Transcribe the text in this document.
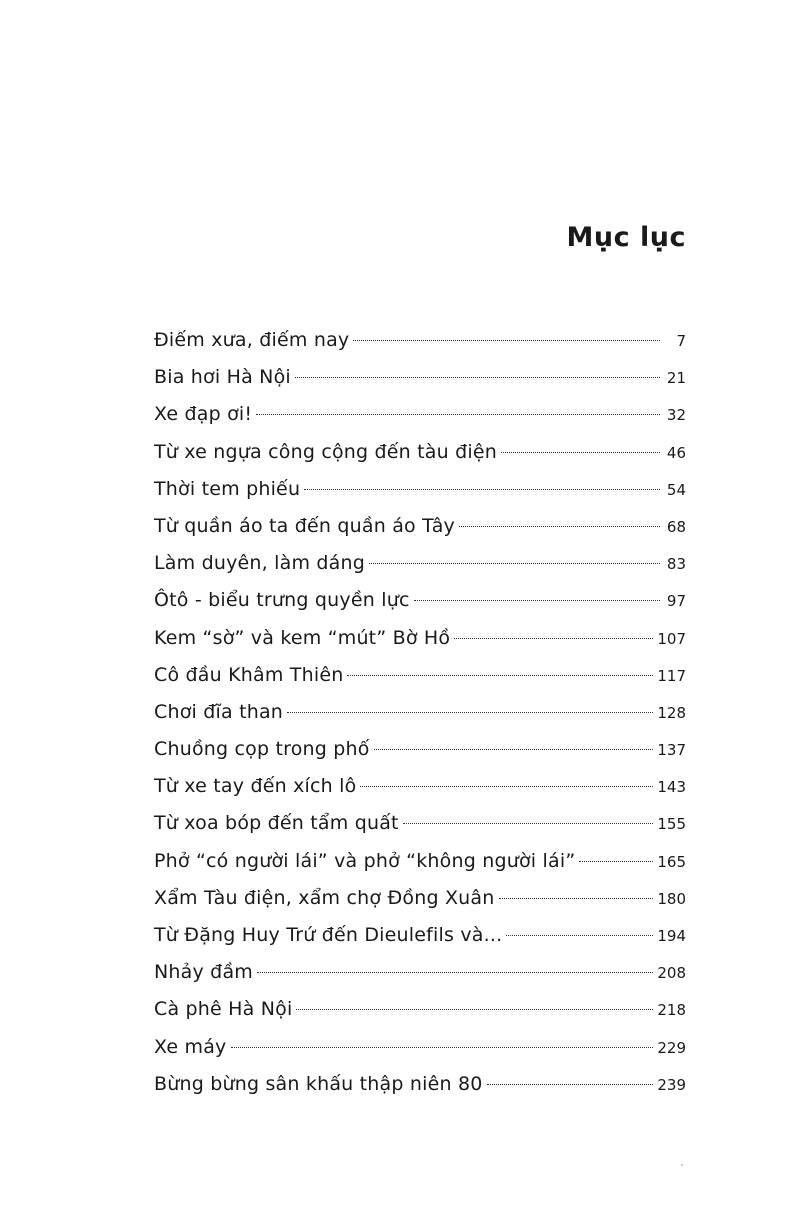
Mục lục
Điếm xưa, điếm nay	7
Bia hơi Hà Nội	21
Xe đạp ơi!	32
Từ xe ngựa công cộng đến tàu điện	46
Thời tem phiếu	54
Từ quần áo ta đến quần áo Tây	68
Làm duyên, làm dáng	83
Ôtô - biểu trưng quyền lực	97
Kem “sờ” và kem “mút” Bờ Hồ	107
Cô đầu Khâm Thiên	117
Chơi đĩa than	128
Chuồng cọp trong phố	137
Từ xe tay đến xích lô	143
Từ xoa bóp đến tẩm quất	155
Phở “có người lái” và phở “không người lái”	165
Xẩm Tàu điện, xẩm chợ Đồng Xuân	180
Từ Đặng Huy Trứ đến Dieulefils và...	194
Nhảy đầm	208
Cà phê Hà Nội	218
Xe máy	229
Bừng bừng sân khấu thập niên 80	239
